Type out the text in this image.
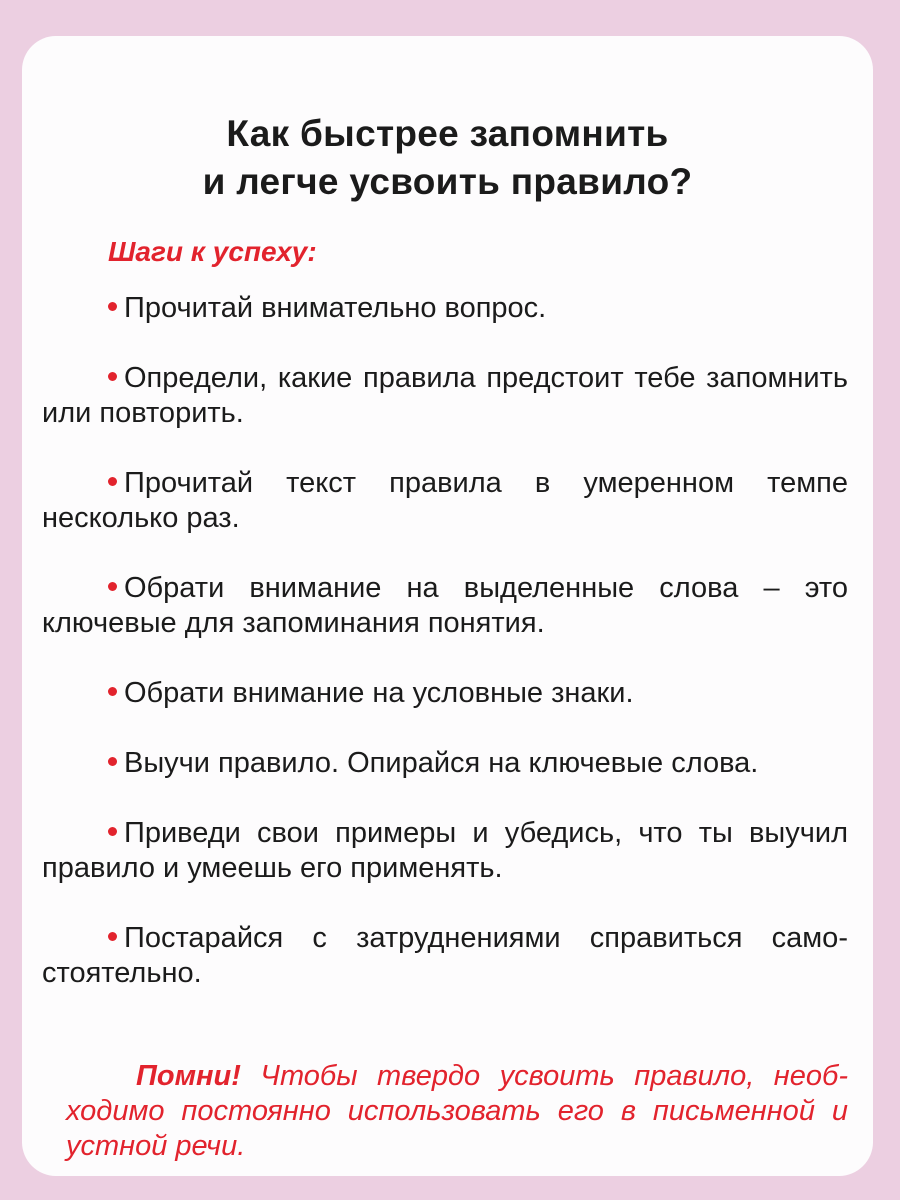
Как быстрее запомнить
и легче усвоить правило?
Шаги к успеху:
Прочитай внимательно вопрос.
Определи, какие правила предстоит тебе запомнить или повторить.
Прочитай текст правила в умеренном темпе несколько раз.
Обрати внимание на выделенные слова – это ключевые для запоминания понятия.
Обрати внимание на условные знаки.
Выучи правило. Опирайся на ключевые слова.
Приведи свои примеры и убедись, что ты выучил правило и умеешь его применять.
Постарайся с затруднениями справиться самостоятельно.

Помни! Чтобы твердо усвоить правило, необходимо постоянно использовать его в письменной и устной речи.
